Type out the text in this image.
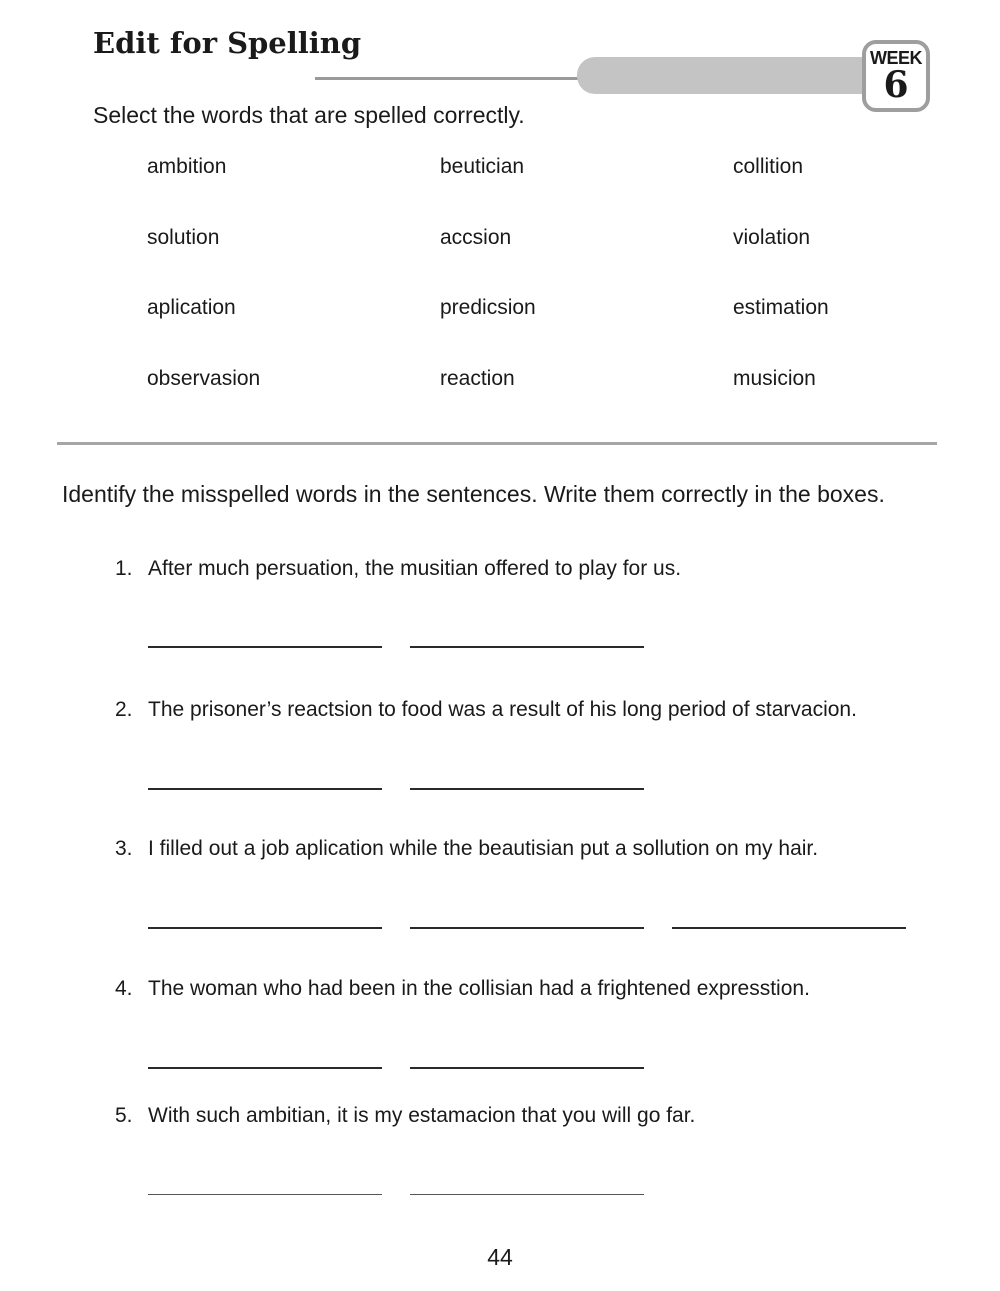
Edit for Spelling	WEEK
6

Select the words that are spelled correctly.

ambition	beutician	collition
solution	accsion	violation
aplication	predicsion	estimation
observasion	reaction	musicion

Identify the misspelled words in the sentences. Write them correctly in the boxes.

1. After much persuation, the musitian offered to play for us.
2. The prisoner’s reactsion to food was a result of his long period of starvacion.
3. I filled out a job aplication while the beautisian put a sollution on my hair.
4. The woman who had been in the collisian had a frightened expresstion.
5. With such ambitian, it is my estamacion that you will go far.

44
